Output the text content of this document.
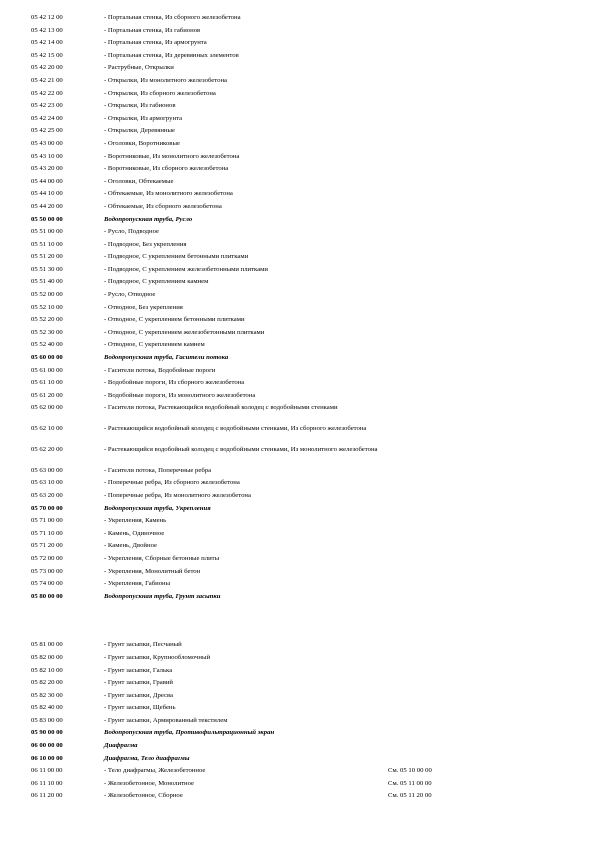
05 42 12 00	- Портальная стенка, Из сборного железобетона
05 42 13 00	- Портальная стенка, Из габионов
05 42 14 00	- Портальная стенка, Из армогрунта
05 42 15 00	- Портальная стенка, Из деревянных элементов
05 42 20 00	- Раструбные, Открылки
05 42 21 00	- Открылки, Из монолитного железобетона
05 42 22 00	- Открылки, Из сборного железобетона
05 42 23 00	- Открылки, Из габионов
05 42 24 00	- Открылки, Из армогрунта
05 42 25 00	- Открылки, Деревянные
05 43 00 00	- Оголовки, Воротниковые
05 43 10 00	- Воротниковые, Из монолитного железобетона
05 43 20 00	- Воротниковые, Из сборного железобетона
05 44 00 00	- Оголовки, Обтекаемые
05 44 10 00	- Обтекаемые, Из монолитного железобетона
05 44 20 00	- Обтекаемые, Из сборного железобетона
05 50 00 00	Водопропускная труба, Русло
05 51 00 00	- Русло, Подводное
05 51 10 00	- Подводное, Без укрепления
05 51 20 00	- Подводное, С укреплением бетонными плитками
05 51 30 00	- Подводное, С укреплением железобетонными плитками
05 51 40 00	- Подводное, С укреплением камнем
05 52 00 00	- Русло, Отводное
05 52 10 00	- Отводное, Без укрепления
05 52 20 00	- Отводное, С укреплением бетонными плитками
05 52 30 00	- Отводное, С укреплением железобетонными плитками
05 52 40 00	- Отводное, С укреплением камнем
05 60 00 00	Водопропускная труба, Гасители потока
05 61 00 00	- Гасители потока, Водобойные пороги
05 61 10 00	- Водобойные пороги, Из сборного железобетона
05 61 20 00	- Водобойные пороги, Из монолитного железобетона
05 62 00 00	- Гасители потока, Растекающийся водобойный колодец с водобойными стенками
05 62 10 00	- Растекающийся водобойный колодец с водобойными стенками, Из сборного железобетона
05 62 20 00	- Растекающийся водобойный колодец с водобойными стенками, Из монолитного железобетона
05 63 00 00	- Гасители потока, Поперечные ребра
05 63 10 00	- Поперечные ребра, Из сборного железобетона
05 63 20 00	- Поперечные ребра, Из монолитного железобетона
05 70 00 00	Водопропускная труба, Укрепления
05 71 00 00	- Укрепления, Камень
05 71 10 00	- Камень, Одиночное
05 71 20 00	- Камень, Двойное
05 72 00 00	- Укрепления, Сборные бетонные плиты
05 73 00 00	- Укрепления, Монолитный бетон
05 74 00 00	- Укрепления, Габионы
05 80 00 00	Водопропускная труба, Грунт засыпки
05 81 00 00	- Грунт засыпки, Песчаный
05 82 00 00	- Грунт засыпки, Крупнообломочный
05 82 10 00	- Грунт засыпки, Галька
05 82 20 00	- Грунт засыпки, Гравий
05 82 30 00	- Грунт засыпки, Дресва
05 82 40 00	- Грунт засыпки, Щебень
05 83 00 00	- Грунт засыпки, Армированный текстилем
05 90 00 00	Водопропускная труба, Противофильтрационный экран
06 00 00 00	Диафрагма
06 10 00 00	Диафрагма, Тело диафрагмы
06 11 00 00	- Тело диафрагмы, Железобетонное	См. 05 10 00 00
06 11 10 00	- Железобетонное, Монолитное	См. 05 11 00 00
06 11 20 00	- Железобетонное, Сборное	См. 05 11 20 00
